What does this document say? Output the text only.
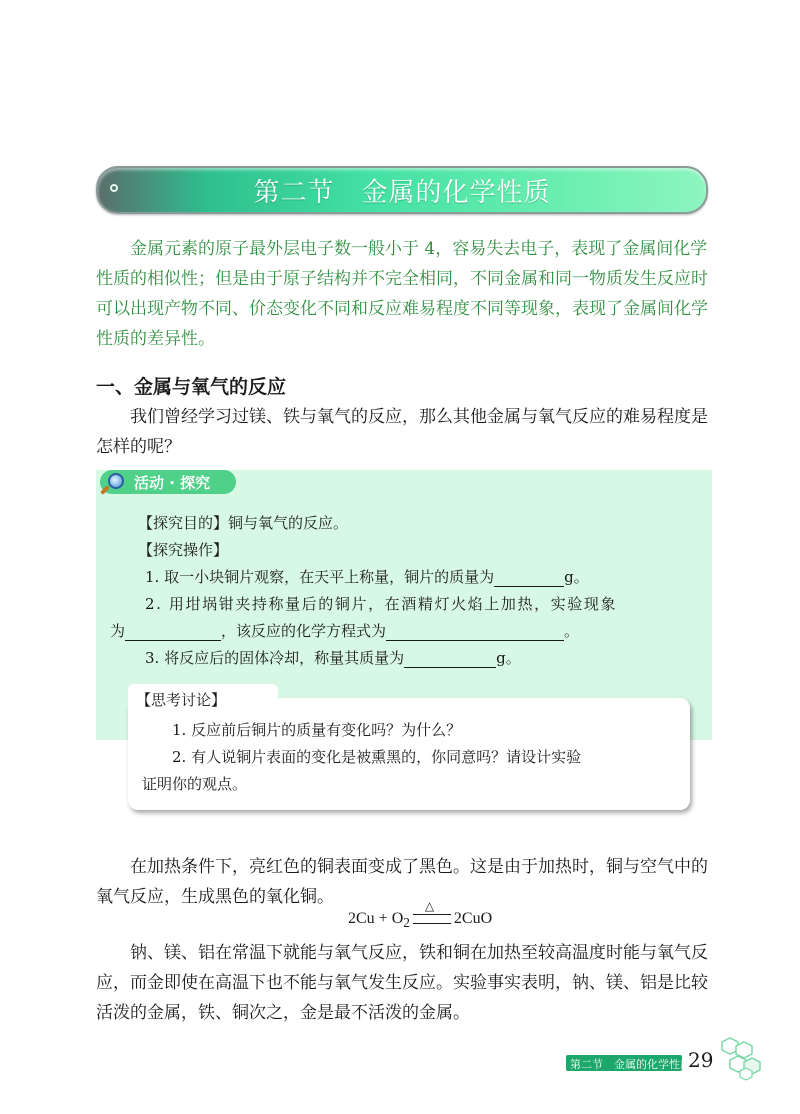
第二节　金属的化学性质

金属元素的原子最外层电子数一般小于 4，容易失去电子，表现了金属间化学性质的相似性；但是由于原子结构并不完全相同，不同金属和同一物质发生反应时可以出现产物不同、价态变化不同和反应难易程度不同等现象，表现了金属间化学性质的差异性。

一、金属与氧气的反应

我们曾经学习过镁、铁与氧气的反应，那么其他金属与氧气反应的难易程度是怎样的呢？

活动 · 探究
【探究目的】铜与氧气的反应。
【探究操作】
1. 取一小块铜片观察，在天平上称量，铜片的质量为	g。
2. 用坩埚钳夹持称量后的铜片，在酒精灯火焰上加热，实验现象
为	，该反应的化学方程式为	。
3. 将反应后的固体冷却，称量其质量为	g。
【思考讨论】
1. 反应前后铜片的质量有变化吗？为什么？
2. 有人说铜片表面的变化是被熏黑的，你同意吗？请设计实验
证明你的观点。

在加热条件下，亮红色的铜表面变成了黑色。这是由于加热时，铜与空气中的氧气反应，生成黑色的氧化铜。

$2Cu + O_2$
△
2CuO

钠、镁、铝在常温下就能与氧气反应，铁和铜在加热至较高温度时能与氧气反应，而金即使在高温下也不能与氧气发生反应。实验事实表明，钠、镁、铝是比较活泼的金属，铁、铜次之，金是最不活泼的金属。

第二节　金属的化学性质
29
